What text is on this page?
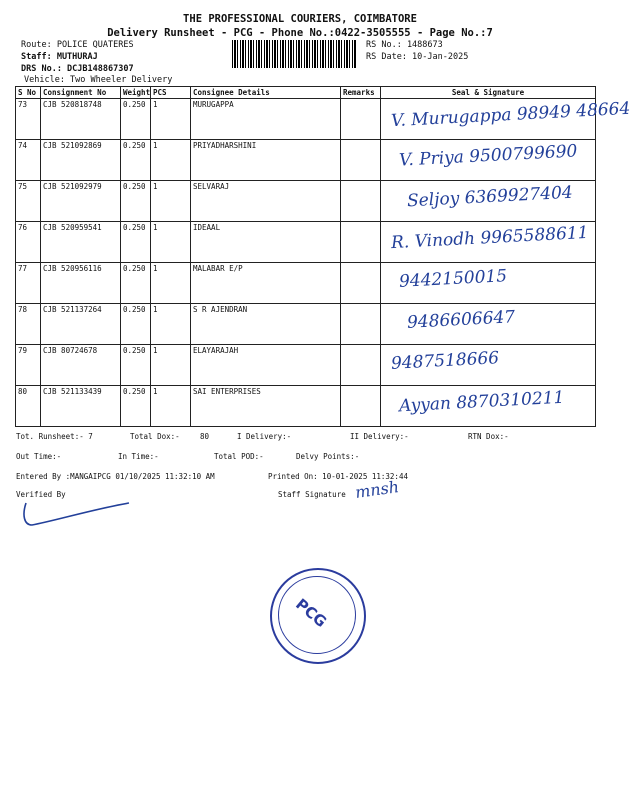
THE PROFESSIONAL COURIERS, COIMBATORE
Delivery Runsheet - PCG - Phone No.:0422-3505555 - Page No.:7
Route: POLICE QUATERES
Staff: MUTHURAJ
DRS No.: DCJB148867307
Vehicle: Two Wheeler Delivery
RS No.: 1488673
RS Date: 10-Jan-2025
S No	Consignment No	Weight	PCS	Consignee Details	Remarks	Seal & Signature
73	CJB 520818748	0.250	1	MURUGAPPA		V. Murugappa 98949 48664

74	CJB 521092869	0.250	1	PRIYADHARSHINI		V. Priya 9500799690

75	CJB 521092979	0.250	1	SELVARAJ		Seljoy 6369927404

76	CJB 520959541	0.250	1	IDEAAL		R. Vinodh 9965588611

77	CJB 520956116	0.250	1	MALABAR E/P		9442150015

78	CJB 521137264	0.250	1	S R AJENDRAN		9486606647

79	CJB 80724678	0.250	1	ELAYARAJAH		9487518666

80	CJB 521133439	0.250	1	SAI ENTERPRISES		Ayyan 8870310211
Tot. Runsheet:- 7	Total Dox:-	80	I Delivery:-	II Delivery:-	RTN Dox:-
Out Time:-	In Time:-	Total POD:-	Delvy Points:-
Entered By :MANGAIPCG 01/10/2025 11:32:10 AM	Printed On: 10-01-2025 11:32:44
Verified By	Staff Signature mnsh
PCG
